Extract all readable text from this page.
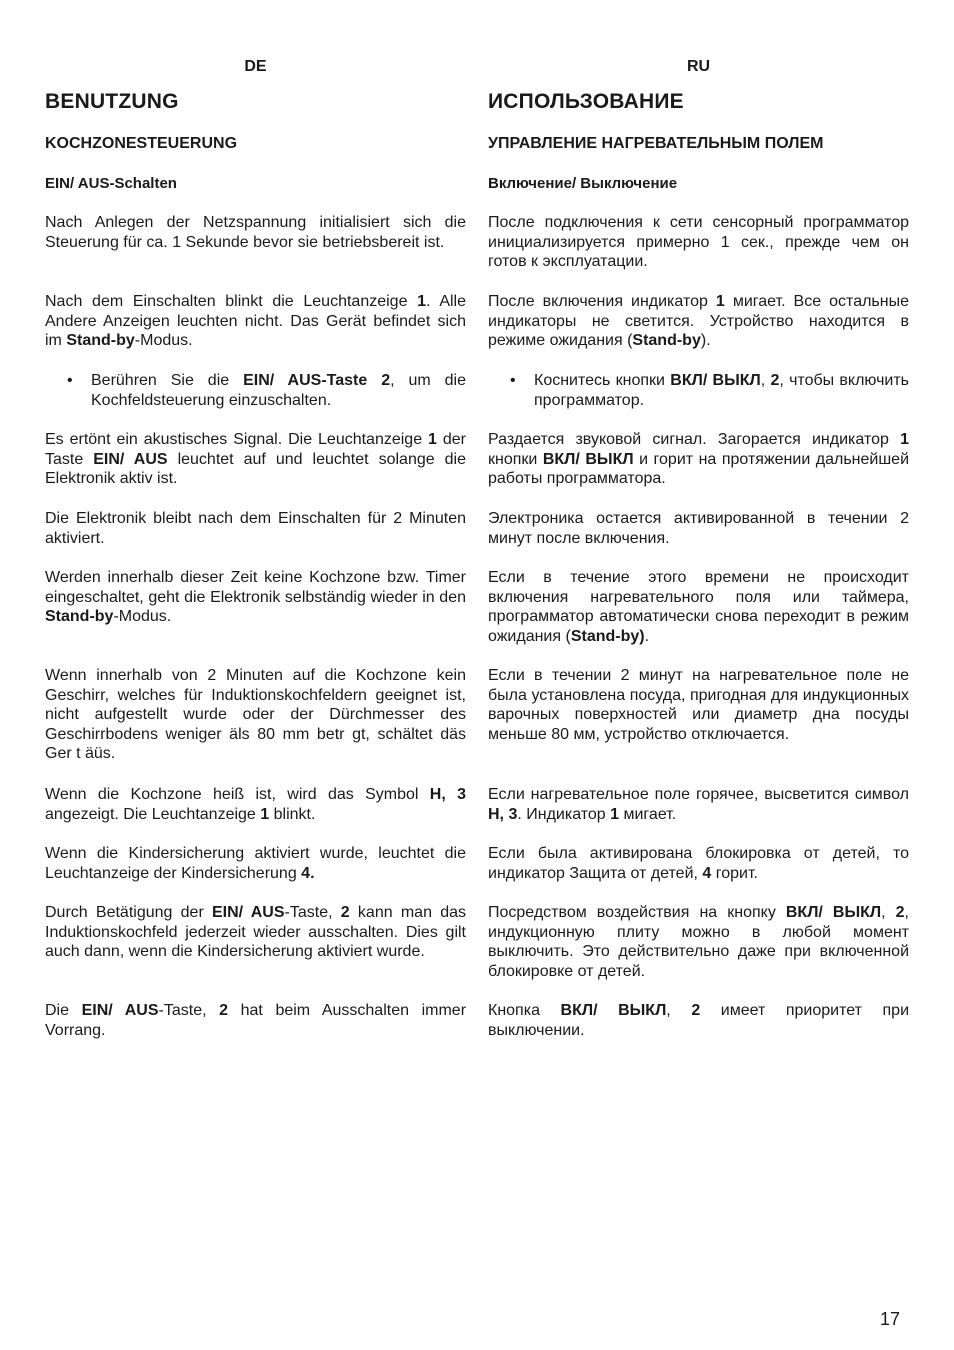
DE
BENUTZUNG
KOCHZONESTEUERUNG
EIN/ AUS-Schalten

Nach Anlegen der Netzspannung initialisiert sich die Steuerung für ca. 1 Sekunde bevor sie betriebsbereit ist.

Nach dem Einschalten blinkt die Leuchtanzeige 1. Alle Andere Anzeigen leuchten nicht. Das Gerät befindet sich im Stand-by-Modus.

• Berühren Sie die EIN/ AUS-Taste 2, um die Kochfeldsteuerung einzuschalten.

Es ertönt ein akustisches Signal. Die Leuchtanzeige 1 der Taste EIN/ AUS leuchtet auf und leuchtet solange die Elektronik aktiv ist.

Die Elektronik bleibt nach dem Einschalten für 2 Minuten aktiviert.

Werden innerhalb dieser Zeit keine Kochzone bzw. Timer eingeschaltet, geht die Elektronik selbständig wieder in den Stand-by-Modus.

Wenn innerhalb von 2 Minuten auf die Kochzone kein Geschirr, welches für Induktionskochfeldern geeignet ist, nicht aufgestellt wurde oder der Dürchmesser des Geschirrbodens weniger äls 80 mm betr gt, schältet däs Ger t äüs.

Wenn die Kochzone heiß ist, wird das Symbol H, 3 angezeigt. Die Leuchtanzeige 1 blinkt.

Wenn die Kindersicherung aktiviert wurde, leuchtet die Leuchtanzeige der Kindersicherung 4.

Durch Betätigung der EIN/ AUS-Taste, 2 kann man das Induktionskochfeld jederzeit wieder ausschalten. Dies gilt auch dann, wenn die Kindersicherung aktiviert wurde.

Die EIN/ AUS-Taste, 2 hat beim Ausschalten immer Vorrang.

RU
ИСПОЛЬЗОВАНИЕ
УПРАВЛЕНИЕ НАГРЕВАТЕЛЬНЫМ ПОЛЕМ
Включение/ Выключение

После подключения к сети сенсорный программатор инициализируется примерно 1 сек., прежде чем он готов к эксплуатации.

После включения индикатор 1 мигает. Все остальные индикаторы не светится. Устройство находится в режиме ожидания (Stand-by).

• Коснитесь кнопки ВКЛ/ ВЫКЛ, 2, чтобы включить программатор.

Раздается звуковой сигнал. Загорается индикатор 1 кнопки ВКЛ/ ВЫКЛ и горит на протяжении дальнейшей работы программатора.

Электроника остается активированной в течении 2 минут после включения.

Если в течение этого времени не происходит включения нагревательного поля или таймера, программатор автоматически снова переходит в режим ожидания (Stand-by).

Если в течении 2 минут на нагревательное поле не была установлена посуда, пригодная для индукционных варочных поверхностей или диаметр дна посуды меньше 80 мм, устройство отключается.

Если нагревательное поле горячее, высветится символ H, 3. Индикатор 1 мигает.

Если была активирована блокировка от детей, то индикатор Защита от детей, 4 горит.

Посредством воздействия на кнопку ВКЛ/ ВЫКЛ, 2, индукционную плиту можно в любой момент выключить. Это действительно даже при включенной блокировке от детей.

Кнопка ВКЛ/ ВЫКЛ, 2 имеет приоритет при выключении.

17
